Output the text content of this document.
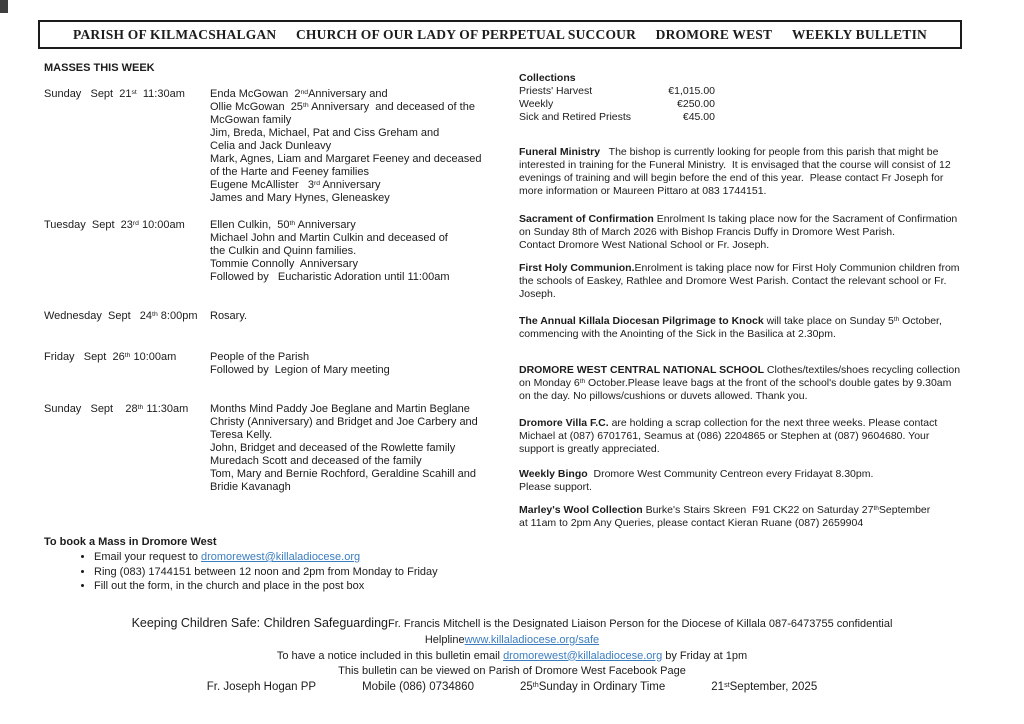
PARISH OF KILMACSHALGAN CHURCH OF OUR LADY OF PERPETUAL SUCCOUR DROMORE WEST WEEKLY BULLETIN
MASSES THIS WEEK
Sunday   Sept  21st  11:30am	Enda McGowan  2ndAnniversary and
Ollie McGowan  25th Anniversary  and deceased of the
McGowan family
Jim, Breda, Michael, Pat and Ciss Greham and
Celia and Jack Dunleavy
Mark, Agnes, Liam and Margaret Feeney and deceased
of the Harte and Feeney families
Eugene McAllister   3rd Anniversary
James and Mary Hynes, Gleneaskey
Tuesday  Sept  23rd 10:00am	Ellen Culkin,  50th Anniversary
Michael John and Martin Culkin and deceased of
the Culkin and Quinn families.
Tommie Connolly  Anniversary
Followed by   Eucharistic Adoration until 11:00am
Wednesday  Sept   24th 8:00pm	Rosary.
Friday   Sept  26th 10:00am	People of the Parish
Followed by  Legion of Mary meeting
Sunday   Sept    28th 11:30am	Months Mind Paddy Joe Beglane and Martin Beglane
Christy (Anniversary) and Bridget and Joe Carbery and
Teresa Kelly.
John, Bridget and deceased of the Rowlette family
Muredach Scott and deceased of the family
Tom, Mary and Bernie Rochford, Geraldine Scahill and
Bridie Kavanagh
To book a Mass in Dromore West
• Email your request to dromorewest@killaladiocese.org
• Ring (083) 1744151 between 12 noon and 2pm from Monday to Friday
• Fill out the form, in the church and place in the post box
Collections
Priests' Harvest	€1,015.00
Weekly	€250.00
Sick and Retired Priests	€45.00
Funeral Ministry   The bishop is currently looking for people from this parish that might be
interested in training for the Funeral Ministry.  It is envisaged that the course will consist of 12
evenings of training and will begin before the end of this year.  Please contact Fr Joseph for
more information or Maureen Pittaro at 083 1744151.
Sacrament of Confirmation Enrolment Is taking place now for the Sacrament of Confirmation
on Sunday 8th of March 2026 with Bishop Francis Duffy in Dromore West Parish.
Contact Dromore West National School or Fr. Joseph.
First Holy Communion.Enrolment is taking place now for First Holy Communion children from
the schools of Easkey, Rathlee and Dromore West Parish. Contact the relevant school or Fr.
Joseph.
The Annual Killala Diocesan Pilgrimage to Knock will take place on Sunday 5th October,
commencing with the Anointing of the Sick in the Basilica at 2.30pm.
DROMORE WEST CENTRAL NATIONAL SCHOOL Clothes/textiles/shoes recycling collection
on Monday 6th October.Please leave bags at the front of the school's double gates by 9.30am
on the day. No pillows/cushions or duvets allowed. Thank you.
Dromore Villa F.C. are holding a scrap collection for the next three weeks. Please contact
Michael at (087) 6701761, Seamus at (086) 2204865 or Stephen at (087) 9604680. Your
support is greatly appreciated.
Weekly Bingo  Dromore West Community Centreon every Fridayat 8.30pm.
Please support.
Marley's Wool Collection Burke's Stairs Skreen  F91 CK22 on Saturday 27thSeptember
at 11am to 2pm Any Queries, please contact Kieran Ruane (087) 2659904
Keeping Children Safe: Children SafeguardingFr. Francis Mitchell is the Designated Liaison Person for the Diocese of Killala 087-6473755 confidential
Helplinewww.killaladiocese.org/safe
To have a notice included in this bulletin email dromorewest@killaladiocese.org by Friday at 1pm
This bulletin can be viewed on Parish of Dromore West Facebook Page
Fr. Joseph Hogan PP	Mobile (086) 0734860	25thSunday in Ordinary Time	21stSeptember, 2025
